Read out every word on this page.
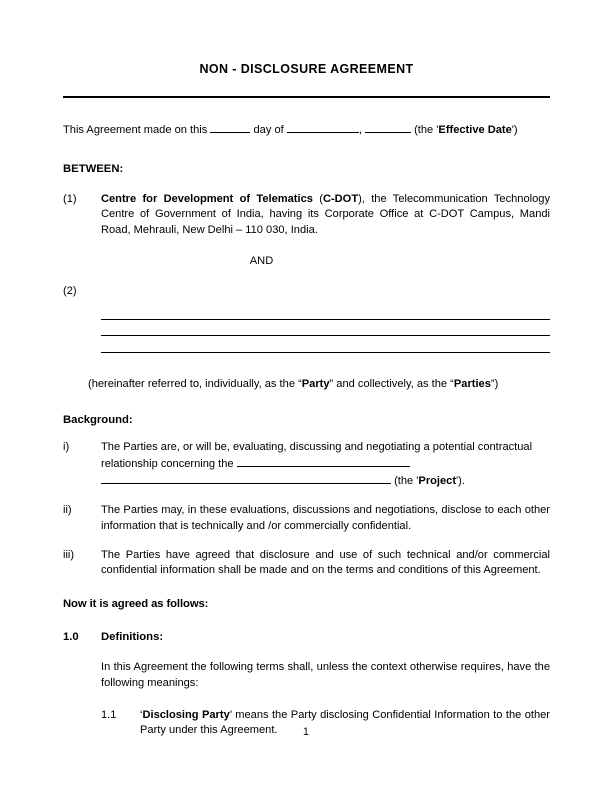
NON - DISCLOSURE AGREEMENT
This Agreement made on this	day of	,	(the 'Effective Date')
BETWEEN:
(1)	Centre for Development of Telematics (C-DOT), the Telecommunication Technology Centre of Government of India, having its Corporate Office at C-DOT Campus, Mandi Road, Mehrauli, New Delhi – 110 030, India.
AND
(2)
(hereinafter referred to, individually, as the “Party” and collectively, as the “Parties”)
Background:
i)	The Parties are, or will be, evaluating, discussing and negotiating a potential contractual relationship concerning the  (the 'Project').
ii)	The Parties may, in these evaluations, discussions and negotiations, disclose to each other information that is technically and /or commercially confidential.
iii)	The Parties have agreed that disclosure and use of such technical and/or commercial confidential information shall be made and on the terms and conditions of this Agreement.
Now it is agreed as follows:
1.0	Definitions:
In this Agreement the following terms shall, unless the context otherwise requires, have the following meanings:
1.1	‘Disclosing Party’ means the Party disclosing Confidential Information to the other Party under this Agreement.	1
